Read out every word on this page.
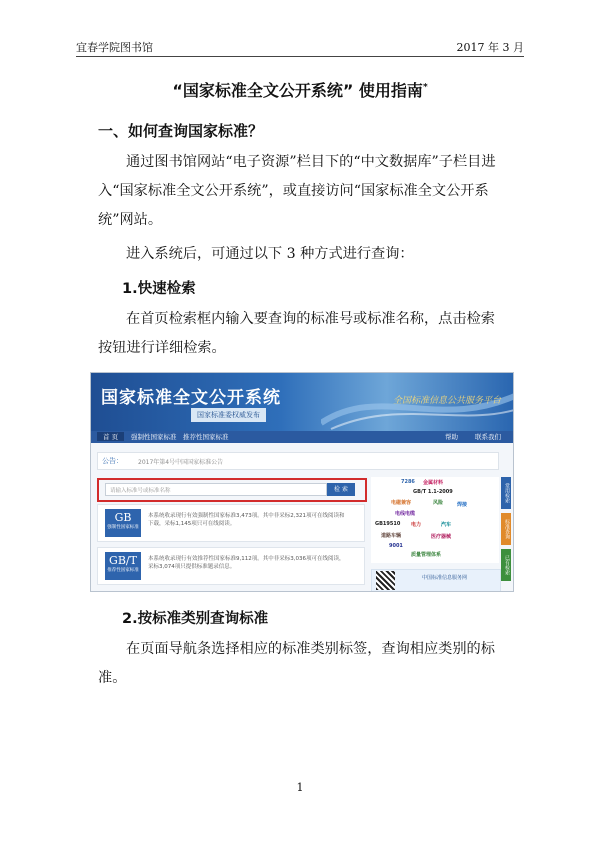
宜春学院图书馆	2017 年 3 月
“国家标准全文公开系统” 使用指南*
一、如何查询国家标准？
通过图书馆网站“电子资源”栏目下的“中文数据库”子栏目进入“国家标准全文公开系统”，或直接访问“国家标准全文公开系统”网站。
进入系统后，可通过以下 3 种方式进行查询：
1.快速检索
在首页检索框内输入要查询的标准号或标准名称，点击检索按钮进行详细检索。
国家标准全文公开系统
国家标准委权威发布
全国标准信息公共服务平台
首 页	强制性国家标准 推荐性国家标准	帮助	联系我们
公告：	2017年第4号中国国家标准公告
请输入标准号或标准名称	检 索
GB
强制性国家标准
本系统收录现行有效强制性国家标准3,473项。其中非采标2,321项可在线阅读和下载，采标1,145项只可在线阅读。
GB/T
推荐性国家标准
本系统收录现行有效推荐性国家标准9,112项。其中非采标3,036项可在线阅读，采标3,074项只提供标准题录信息。
7286 金属材料
GB/T 1.1-2009
电磁兼容	风险	焊接
电线电缆
GB19510 电力	汽车
道路车辆	医疗器械
9001
质量管理体系
中国标准信息服务网
常用检索
标准查询
已有检索
2.按标准类别查询标准
在页面导航条选择相应的标准类别标签，查询相应类别的标准。
1
